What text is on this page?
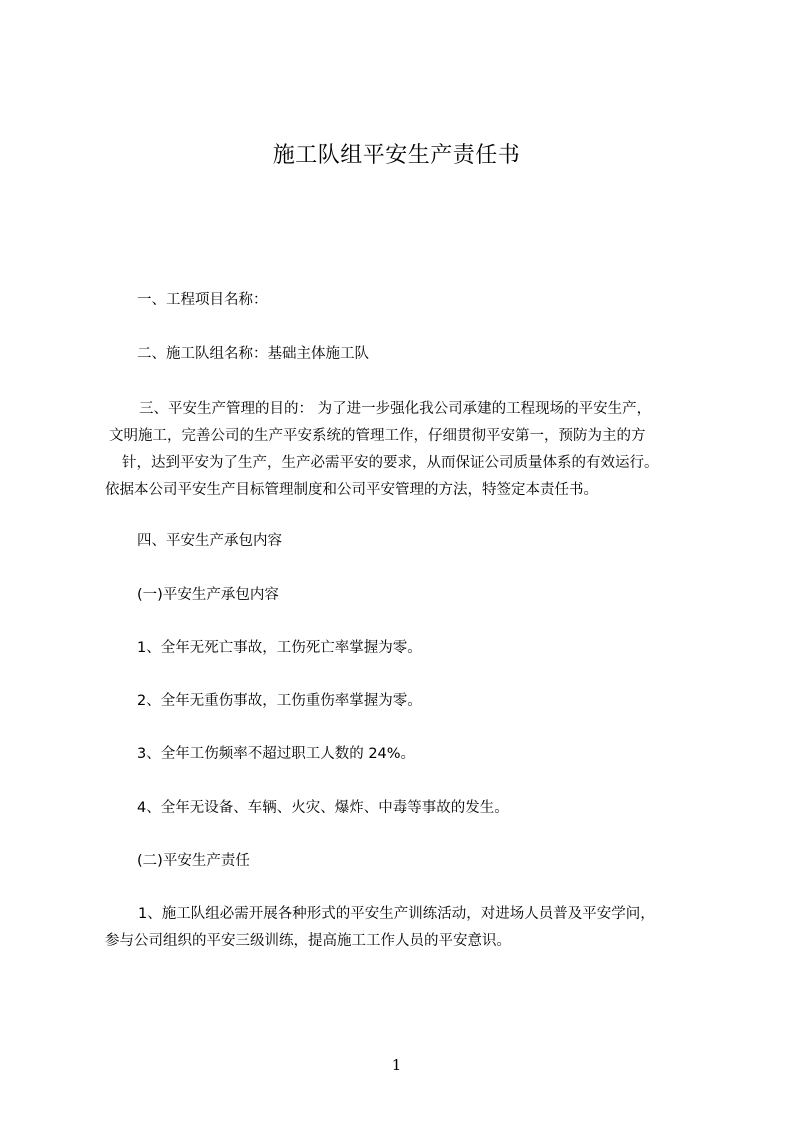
施工队组平安生产责任书
一、工程项目名称：
二、施工队组名称：基础主体施工队

三、平安生产管理的目的： 为了进一步强化我公司承建的工程现场的平安生产，

文明施工，完善公司的生产平安系统的管理工作，仔细贯彻平安第一，预防为主的方

针，达到平安为了生产，生产必需平安的要求，从而保证公司质量体系的有效运行。

依据本公司平安生产目标管理制度和公司平安管理的方法，特签定本责任书。

四、平安生产承包内容
(一)平安生产承包内容
1、全年无死亡事故，工伤死亡率掌握为零。
2、全年无重伤事故，工伤重伤率掌握为零。
3、全年工伤频率不超过职工人数的 24%。
4、全年无设备、车辆、火灾、爆炸、中毒等事故的发生。
(二)平安生产责任

1、施工队组必需开展各种形式的平安生产训练活动，对进场人员普及平安学问，

参与公司组织的平安三级训练，提高施工工作人员的平安意识。

1
